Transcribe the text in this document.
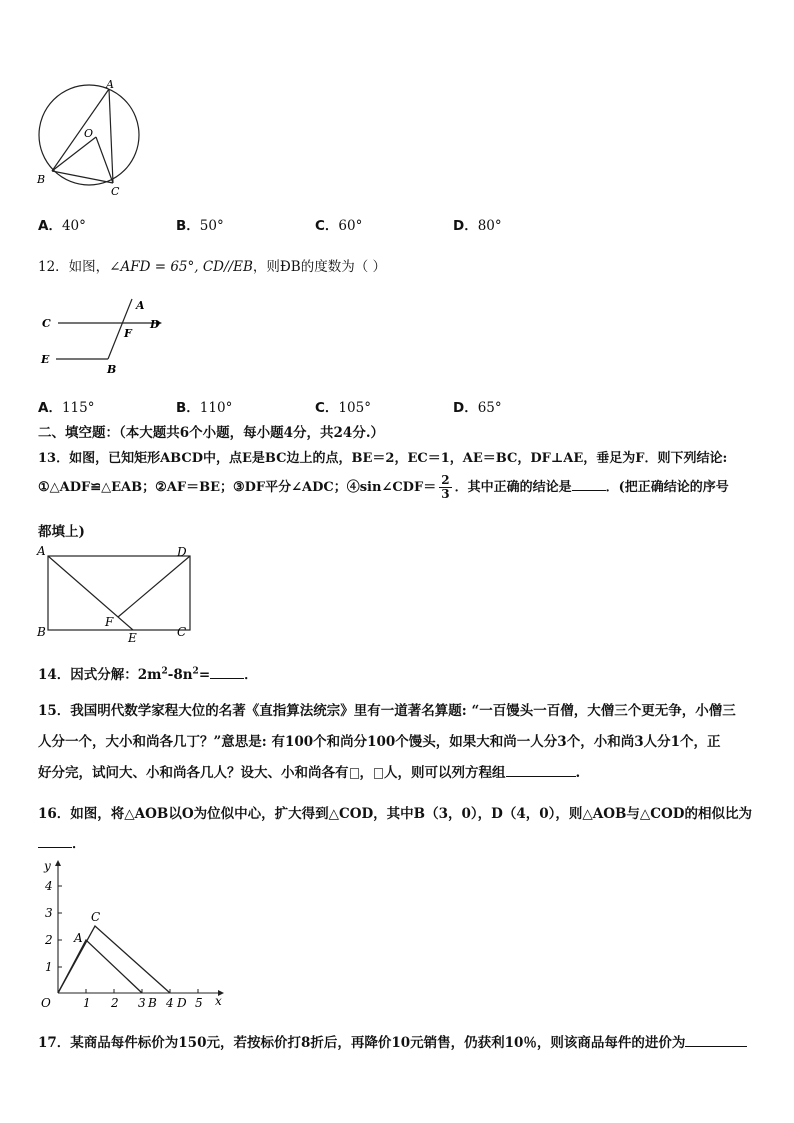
A
O
B
C
A．40°	B．50°	C．60°	D．80°
12．如图，∠AFD = 65°, CD//EB，则ÐB的度数为（ ）
A
C
F
D
E
B
A．115°	B．110°	C．105°	D．65°
二、填空题：（本大题共6个小题，每小题4分，共24分.）
13．如图，已知矩形ABCD中，点E是BC边上的点，BE＝2，EC＝1，AE＝BC，DF⊥AE，垂足为F．则下列结论:
①△ADF≌△EAB；②AF＝BE；③DF平分∠ADC；④sin∠CDF＝ $\frac{2}{3}$ ．其中正确的结论是	．(把正确结论的序号
都填上)
A	D
B
F
E	C
14．因式分解：$2m^2-8n^2=$	．
15．我国明代数学家程大位的名著《直指算法统宗》里有一道著名算题: “一百馒头一百僧，大僧三个更无争，小僧三
人分一个，大小和尚各几丁？”意思是: 有100个和尚分100个馒头，如果大和尚一人分3个，小和尚3人分1个，正
好分完，试问大、小和尚各几人？设大、小和尚各有 ， 人，则可以列方程组	.
16．如图，将△AOB以O为位似中心，扩大得到△COD，其中B（3，0），D（4，0），则△AOB与△COD的相似比为
．
1 2 3 4 5
1
2
3
4
O
A
C
B D x
y
17．某商品每件标价为150元，若按标价打8折后，再降价10元销售，仍获利10％，则该商品每件的进价为
